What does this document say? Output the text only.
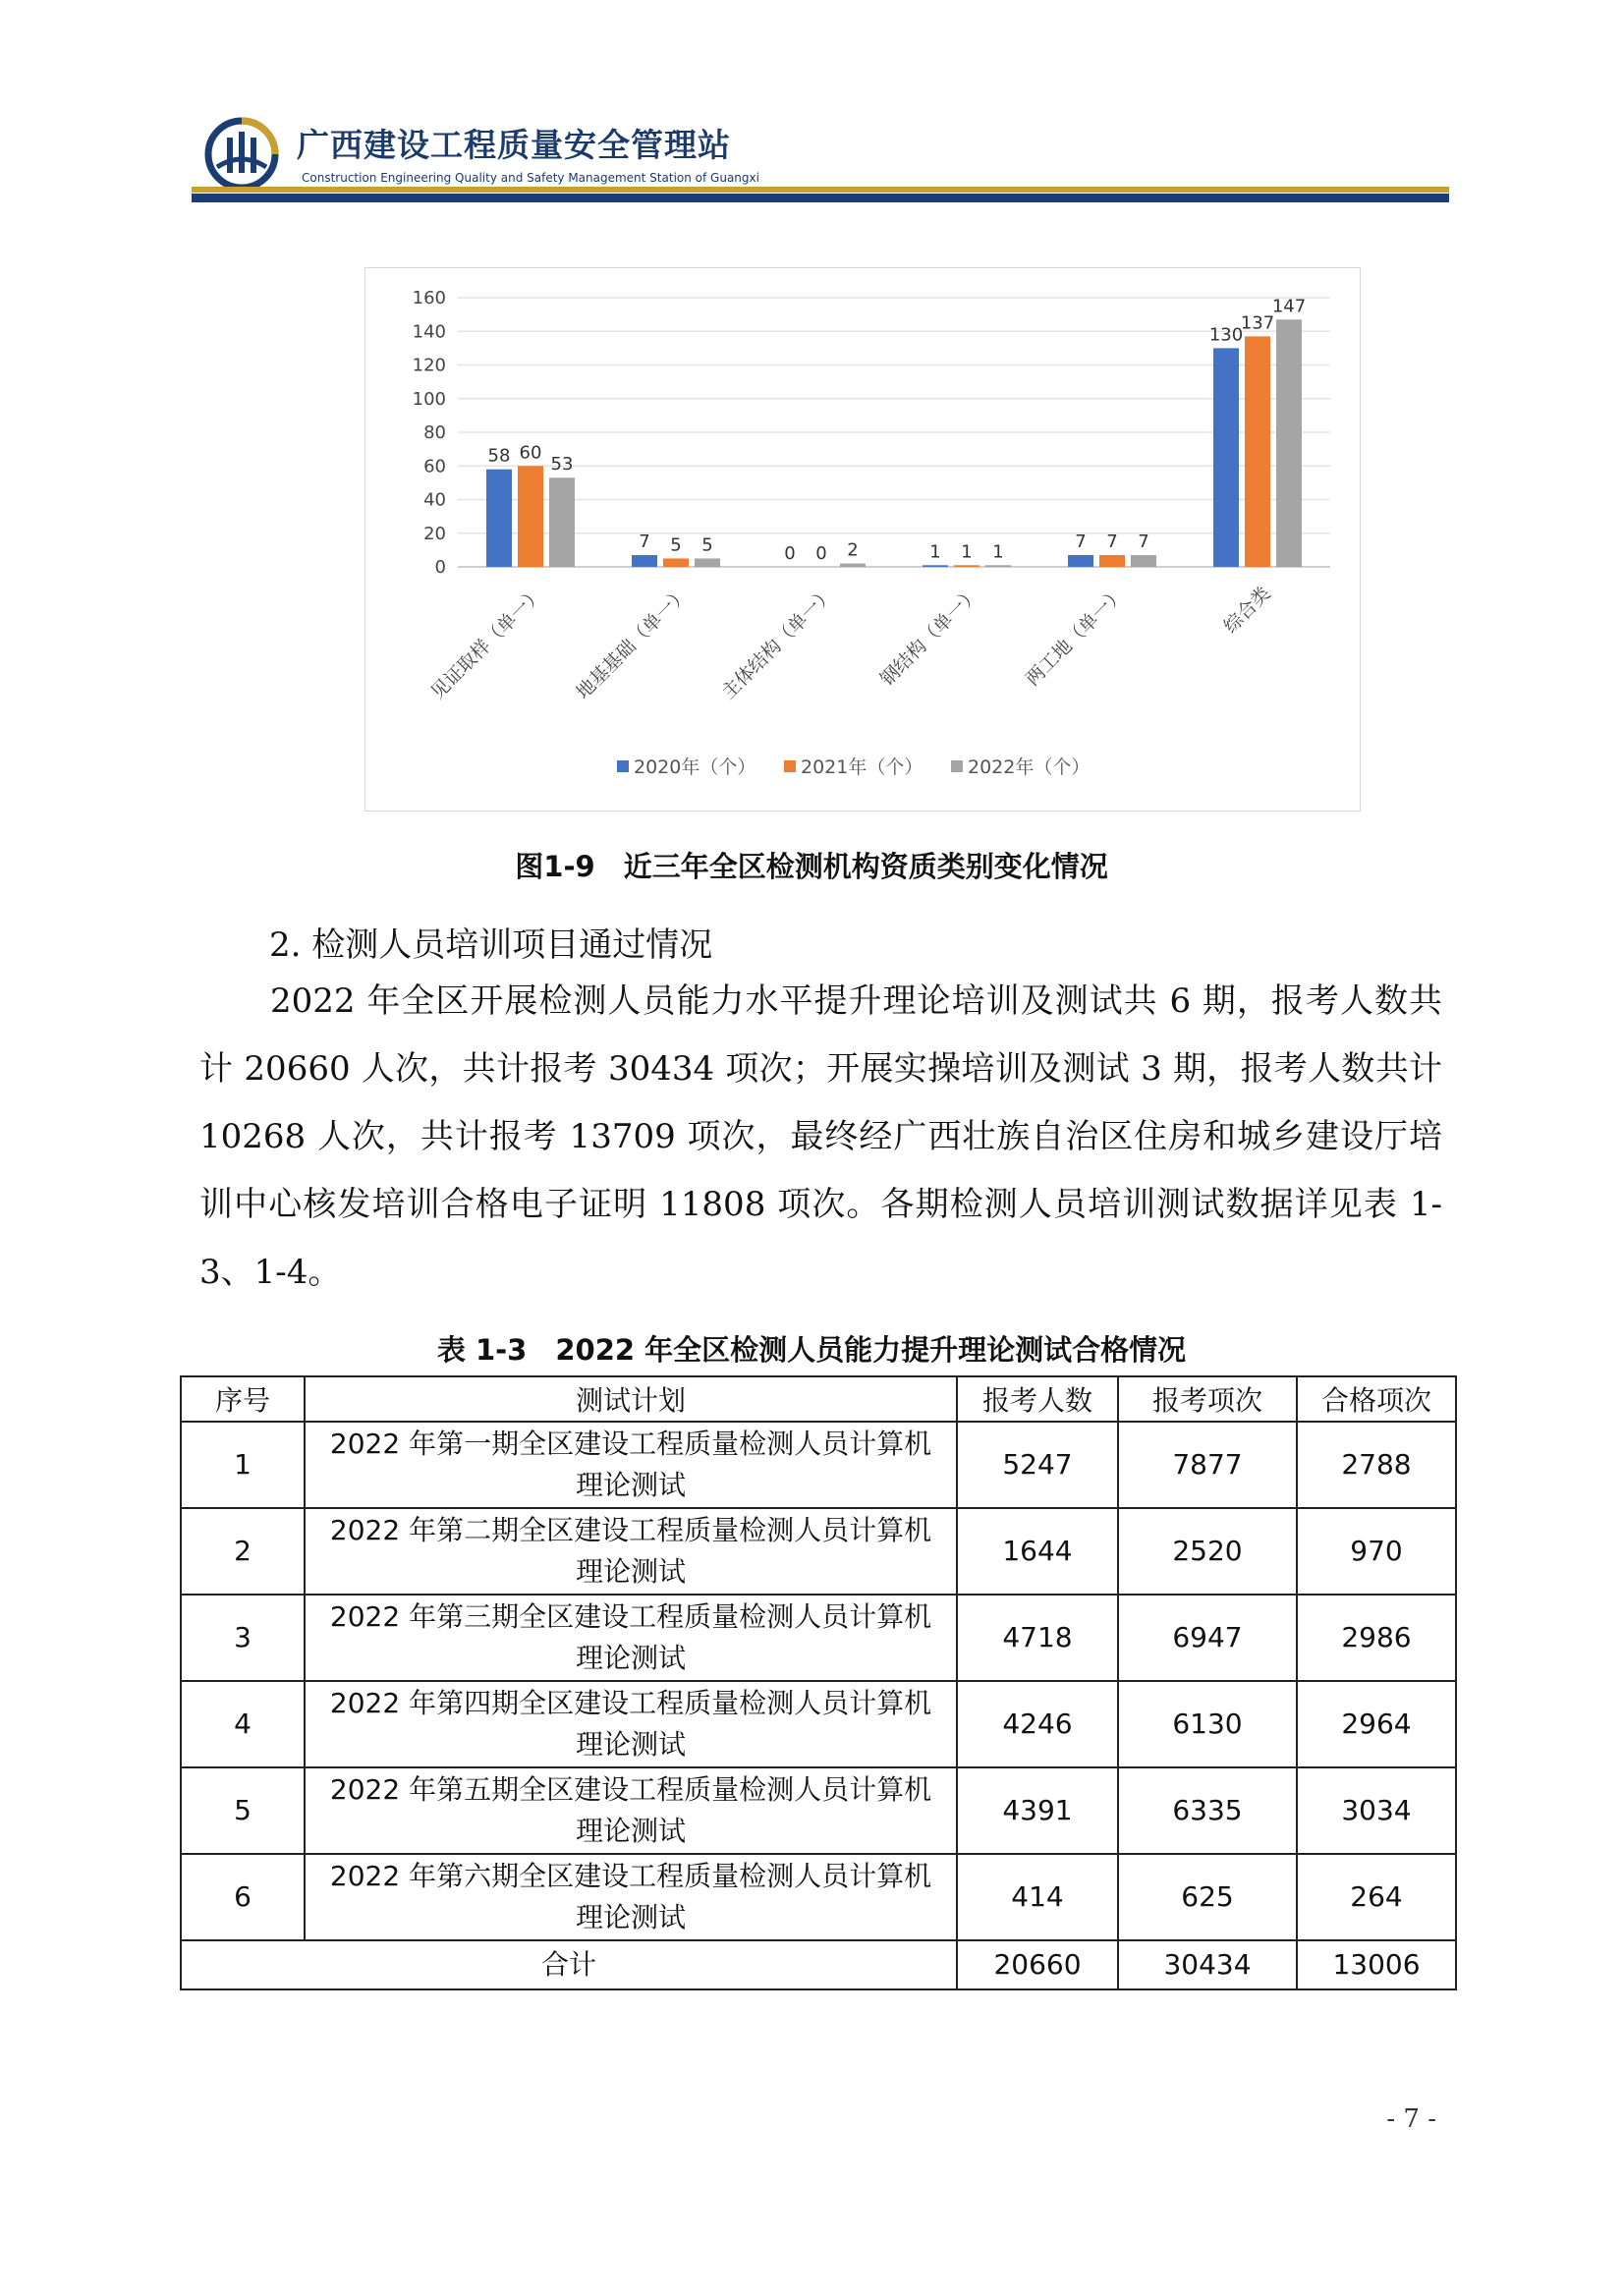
广西建设工程质量安全管理站
Construction Engineering Quality and Safety Management Station of Guangxi
0
20
40
60
80
100
120
140
160
58 60
53
见证取样（单一）
7 5 5
地基基础（单一）
0 0 2
主体结构（单一）
1 1 1
钢结构（单一）
7 7 7
两工地（单一）
130
137
147
综合类
2020年（个） 2021年（个） 2022年（个）
图1-9　近三年全区检测机构资质类别变化情况
2. 检测人员培训项目通过情况
2022 年全区开展检测人员能力水平提升理论培训及测试共 6 期，报考人数共计 20660 人次，共计报考 30434 项次；开展实操培训及测试 3 期，报考人数共计 10268 人次，共计报考 13709 项次，最终经广西壮族自治区住房和城乡建设厅培训中心核发培训合格电子证明 11808 项次。各期检测人员培训测试数据详见表 1-3、1-4。
表 1-3　2022 年全区检测人员能力提升理论测试合格情况
序号	测试计划	报考人数	报考项次	合格项次
1	2022 年第一期全区建设工程质量检测人员计算机理论测试	5247	7877	2788
2	2022 年第二期全区建设工程质量检测人员计算机理论测试	1644	2520	970
3	2022 年第三期全区建设工程质量检测人员计算机理论测试	4718	6947	2986
4	2022 年第四期全区建设工程质量检测人员计算机理论测试	4246	6130	2964
5	2022 年第五期全区建设工程质量检测人员计算机理论测试	4391	6335	3034
6	2022 年第六期全区建设工程质量检测人员计算机理论测试	414	625	264
合计		20660	30434	13006
- 7 -
